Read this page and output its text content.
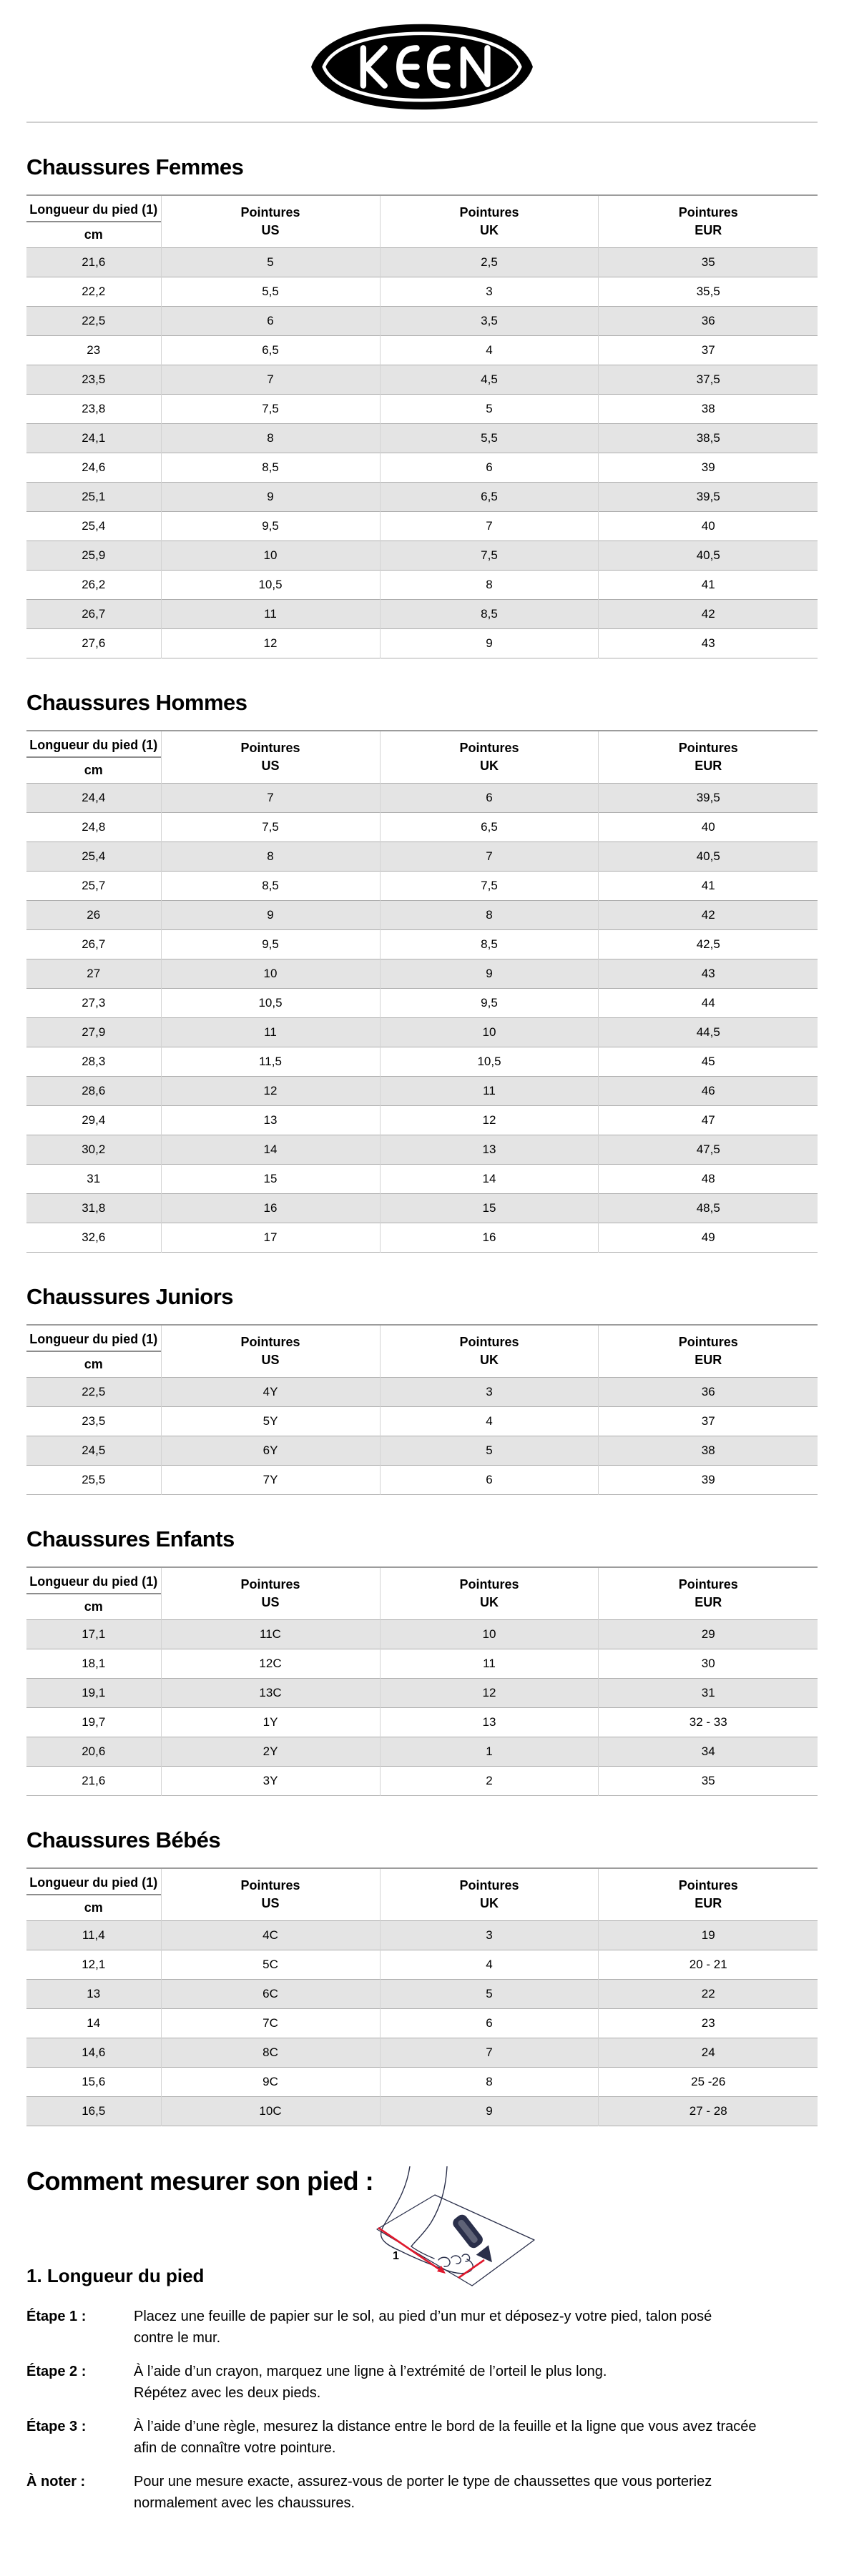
Chaussures Femmes
Longueur du pied (1)
cm

Pointures
US

Pointures
UK

Pointures
EUR

21,6	5	2,5	35
22,2	5,5	3	35,5
22,5	6	3,5	36
23	6,5	4	37
23,5	7	4,5	37,5
23,8	7,5	5	38
24,1	8	5,5	38,5
24,6	8,5	6	39
25,1	9	6,5	39,5
25,4	9,5	7	40
25,9	10	7,5	40,5
26,2	10,5	8	41
26,7	11	8,5	42
27,6	12	9	43
Chaussures Hommes
Longueur du pied (1)
cm

Pointures
US

Pointures
UK

Pointures
EUR

24,4	7	6	39,5
24,8	7,5	6,5	40
25,4	8	7	40,5
25,7	8,5	7,5	41
26	9	8	42
26,7	9,5	8,5	42,5
27	10	9	43
27,3	10,5	9,5	44
27,9	11	10	44,5
28,3	11,5	10,5	45
28,6	12	11	46
29,4	13	12	47
30,2	14	13	47,5
31	15	14	48
31,8	16	15	48,5
32,6	17	16	49
Chaussures Juniors
Longueur du pied (1)
cm

Pointures
US

Pointures
UK

Pointures
EUR

22,5	4Y	3	36
23,5	5Y	4	37
24,5	6Y	5	38
25,5	7Y	6	39
Chaussures Enfants
Longueur du pied (1)
cm

Pointures
US

Pointures
UK

Pointures
EUR

17,1	11C	10	29
18,1	12C	11	30
19,1	13C	12	31
19,7	1Y	13	32 - 33
20,6	2Y	1	34
21,6	3Y	2	35
Chaussures Bébés
Longueur du pied (1)
cm

Pointures
US

Pointures
UK

Pointures
EUR

11,4	4C	3	19
12,1	5C	4	20 - 21
13	6C	5	22
14	7C	6	23
14,6	8C	7	24
15,6	9C	8	25 -26
16,5	10C	9	27 - 28
Comment mesurer son pied :
1
1. Longueur du pied
Étape 1 :	Placez une feuille de papier sur le sol, au pied d’un mur et déposez-y votre pied, talon posé
contre le mur.
Étape 2 :	À l’aide d’un crayon, marquez une ligne à l’extrémité de l’orteil le plus long.
Répétez avec les deux pieds.
Étape 3 :	À l’aide d’une règle, mesurez la distance entre le bord de la feuille et la ligne que vous avez tracée
afin de connaître votre pointure.
À noter :	Pour une mesure exacte, assurez-vous de porter le type de chaussettes que vous porteriez
normalement avec les chaussures.
